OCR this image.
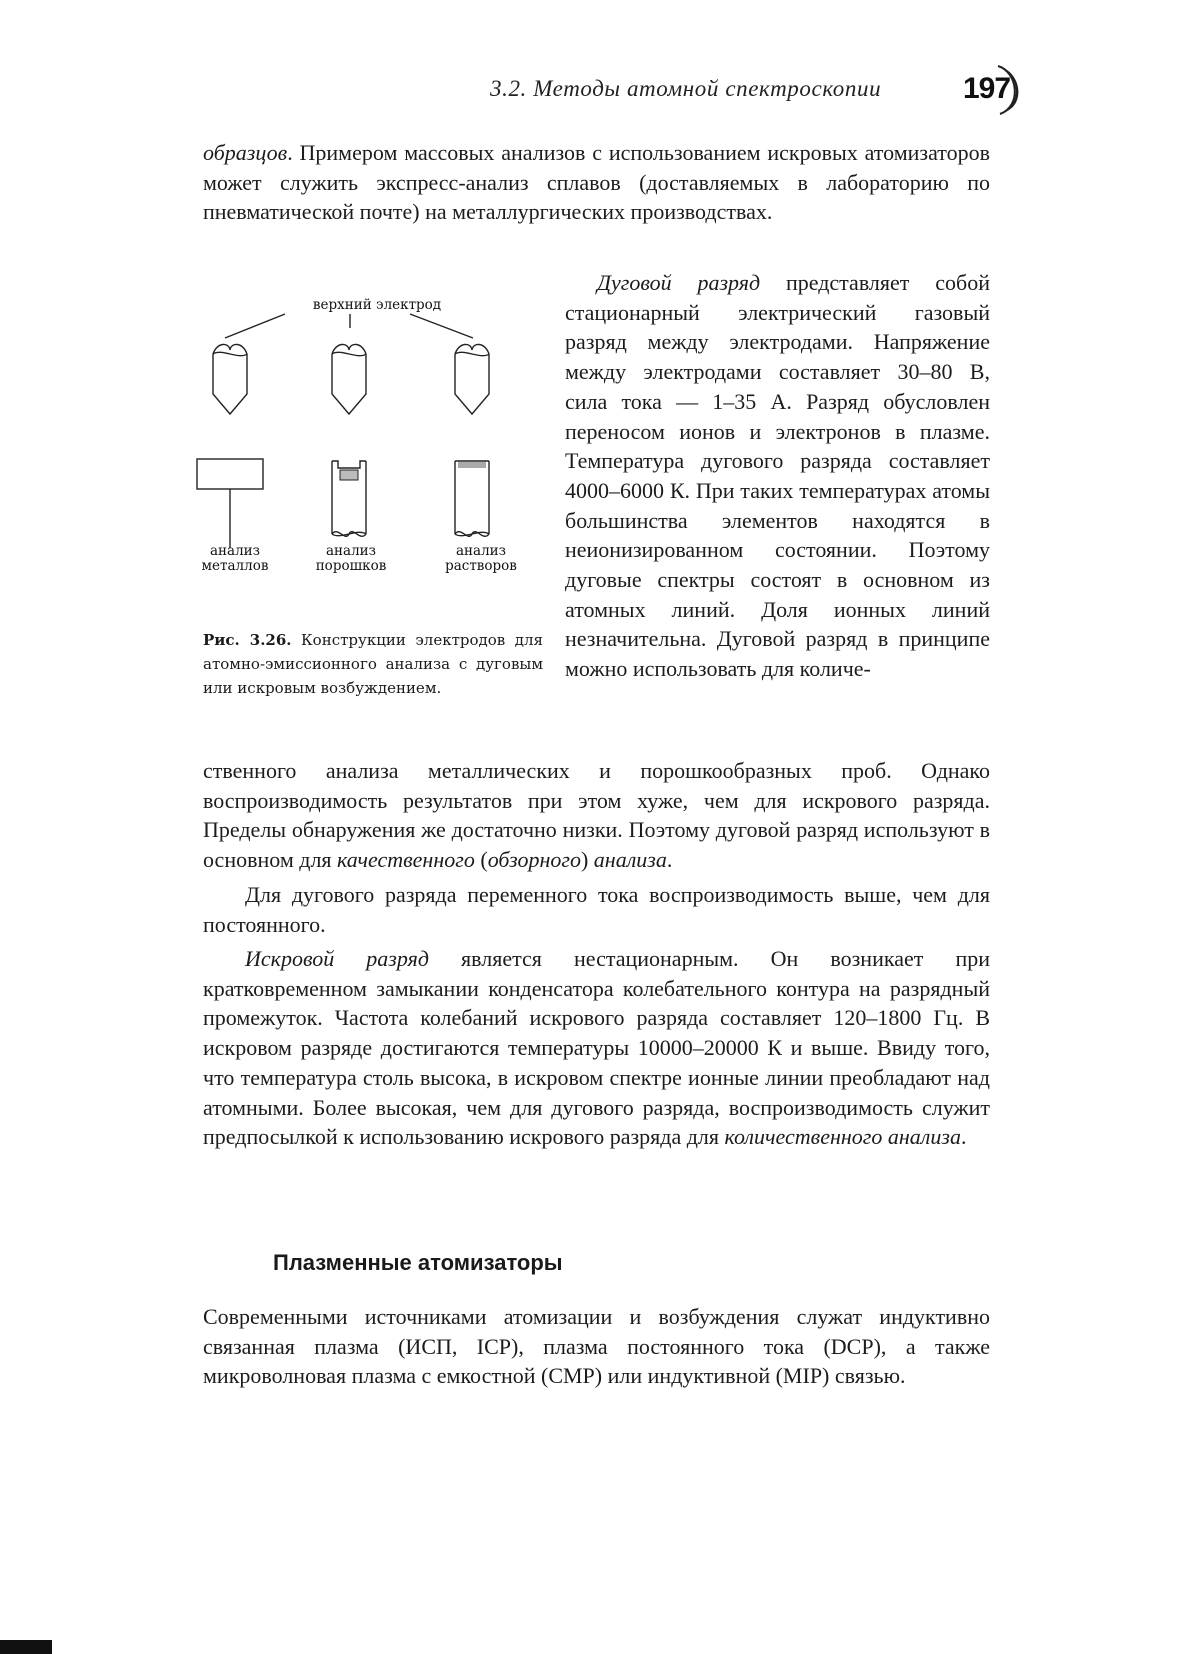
3.2. Методы атомной спектроскопии	197

образцов. Примером массовых анализов с использованием искровых атомизаторов может служить экспресс-анализ сплавов (доставляемых в лабораторию по пневматической почте) на металлургических производствах.

Дуговой разряд представляет собой стационарный электрический газовый разряд между электродами. Напряжение между электродами составляет 30–80 В, сила тока — 1–35 А. Разряд обусловлен переносом ионов и электронов в плазме. Температура дугового разряда составляет 4000–6000 К. При таких температурах атомы большинства элементов находятся в неионизированном состоянии. Поэтому дуговые спектры состоят в основном из атомных линий. Доля ионных линий незначительна. Дуговой разряд в принципе можно использовать для количе-

верхний электрод
анализ металлов
анализ порошков
анализ растворов

Рис. 3.26. Конструкции электродов для атомно-эмиссионного анализа с дуговым или искровым возбуждением.

ственного анализа металлических и порошкообразных проб. Однако воспроизводимость результатов при этом хуже, чем для искрового разряда. Пределы обнаружения же достаточно низки. Поэтому дуговой разряд используют в основном для качественного (обзорного) анализа.

Для дугового разряда переменного тока воспроизводимость выше, чем для постоянного.

Искровой разряд является нестационарным. Он возникает при кратковременном замыкании конденсатора колебательного контура на разрядный промежуток. Частота колебаний искрового разряда составляет 120–1800 Гц. В искровом разряде достигаются температуры 10000–20000 К и выше. Ввиду того, что температура столь высока, в искровом спектре ионные линии преобладают над атомными. Более высокая, чем для дугового разряда, воспроизводимость служит предпосылкой к использованию искрового разряда для количественного анализа.

Плазменные атомизаторы

Современными источниками атомизации и возбуждения служат индуктивно связанная плазма (ИСП, ICP), плазма постоянного тока (DCP), а также микроволновая плазма с емкостной (CMP) или индуктивной (MIP) связью.
